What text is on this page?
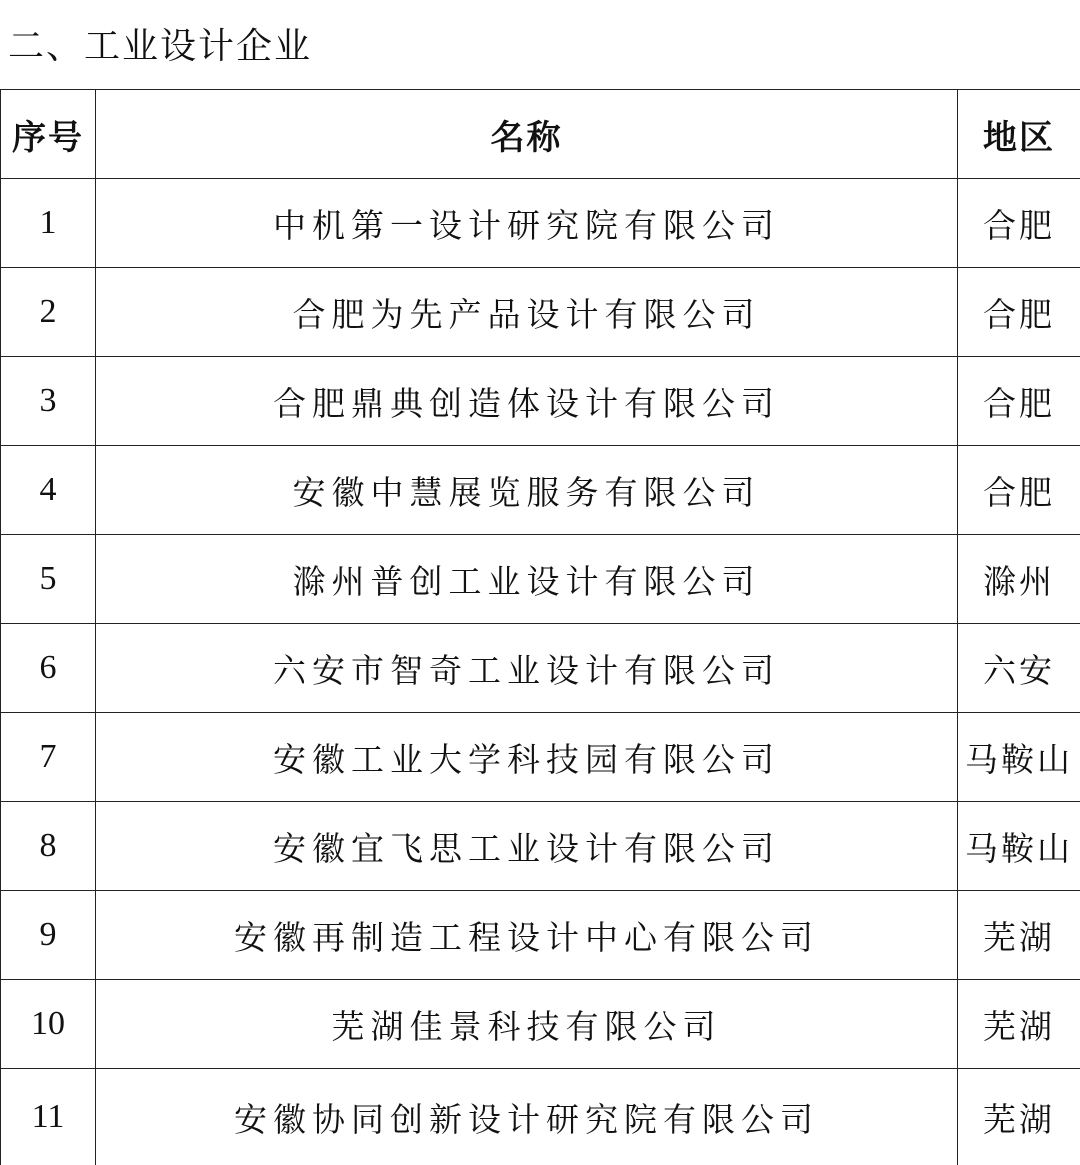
二、工业设计企业
序号	名称	地区
1	中机第一设计研究院有限公司	合肥
2	合肥为先产品设计有限公司	合肥
3	合肥鼎典创造体设计有限公司	合肥
4	安徽中慧展览服务有限公司	合肥
5	滁州普创工业设计有限公司	滁州
6	六安市智奇工业设计有限公司	六安
7	安徽工业大学科技园有限公司	马鞍山
8	安徽宜飞思工业设计有限公司	马鞍山
9	安徽再制造工程设计中心有限公司	芜湖
10	芜湖佳景科技有限公司	芜湖
11	安徽协同创新设计研究院有限公司	芜湖
